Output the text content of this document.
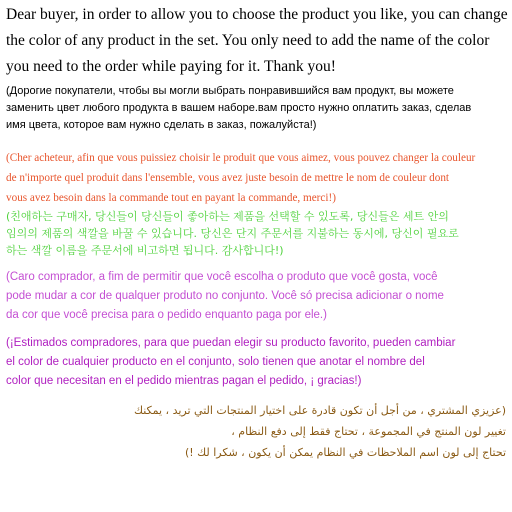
Dear buyer, in order to allow you to choose the product you like, you can change
the color of any product in the set. You only need to add the name of the color
you need to the order while paying for it. Thank you!
(Дорогие покупатели, чтобы вы могли выбрать понравившийся вам продукт, вы можете
заменить цвет любого продукта в вашем наборе.вам просто нужно оплатить заказ, сделав
имя цвета, которое вам нужно сделать в заказ, пожалуйста!)
(Cher acheteur, afin que vous puissiez choisir le produit que vous aimez, vous pouvez changer la couleur
de n'importe quel produit dans l'ensemble, vous avez juste besoin de mettre le nom de couleur dont
vous avez besoin dans la commande tout en payant la commande, merci!)
(친애하는 구매자, 당신들이 당신들이 좋아하는 제품을 선택할 수 있도록, 당신들은 세트 안의
임의의 제품의 색깔을 바꿀 수 있습니다. 당신은 단지 주문서를 지불하는 동시에, 당신이 필요로
하는 색깔 이름을 주문서에 비고하면 됩니다. 감사합니다!)
(Caro comprador, a fim de permitir que você escolha o produto que você gosta, você
pode mudar a cor de qualquer produto no conjunto. Você só precisa adicionar o nome
da cor que você precisa para o pedido enquanto paga por ele.)
(¡Estimados compradores, para que puedan elegir su producto favorito, pueden cambiar
el color de cualquier producto en el conjunto, solo tienen que anotar el nombre del
color que necesitan en el pedido mientras pagan el pedido, ¡ gracias!)
(عزيزي المشتري ، من أجل أن تكون قادرة على اختيار المنتجات التي تريد ، يمكنك
تغيير لون المنتج في المجموعة ، تحتاج فقط إلى دفع النظام ،
تحتاج إلى لون اسم الملاحظات في النظام يمكن أن يكون ، شكرا لك !)
